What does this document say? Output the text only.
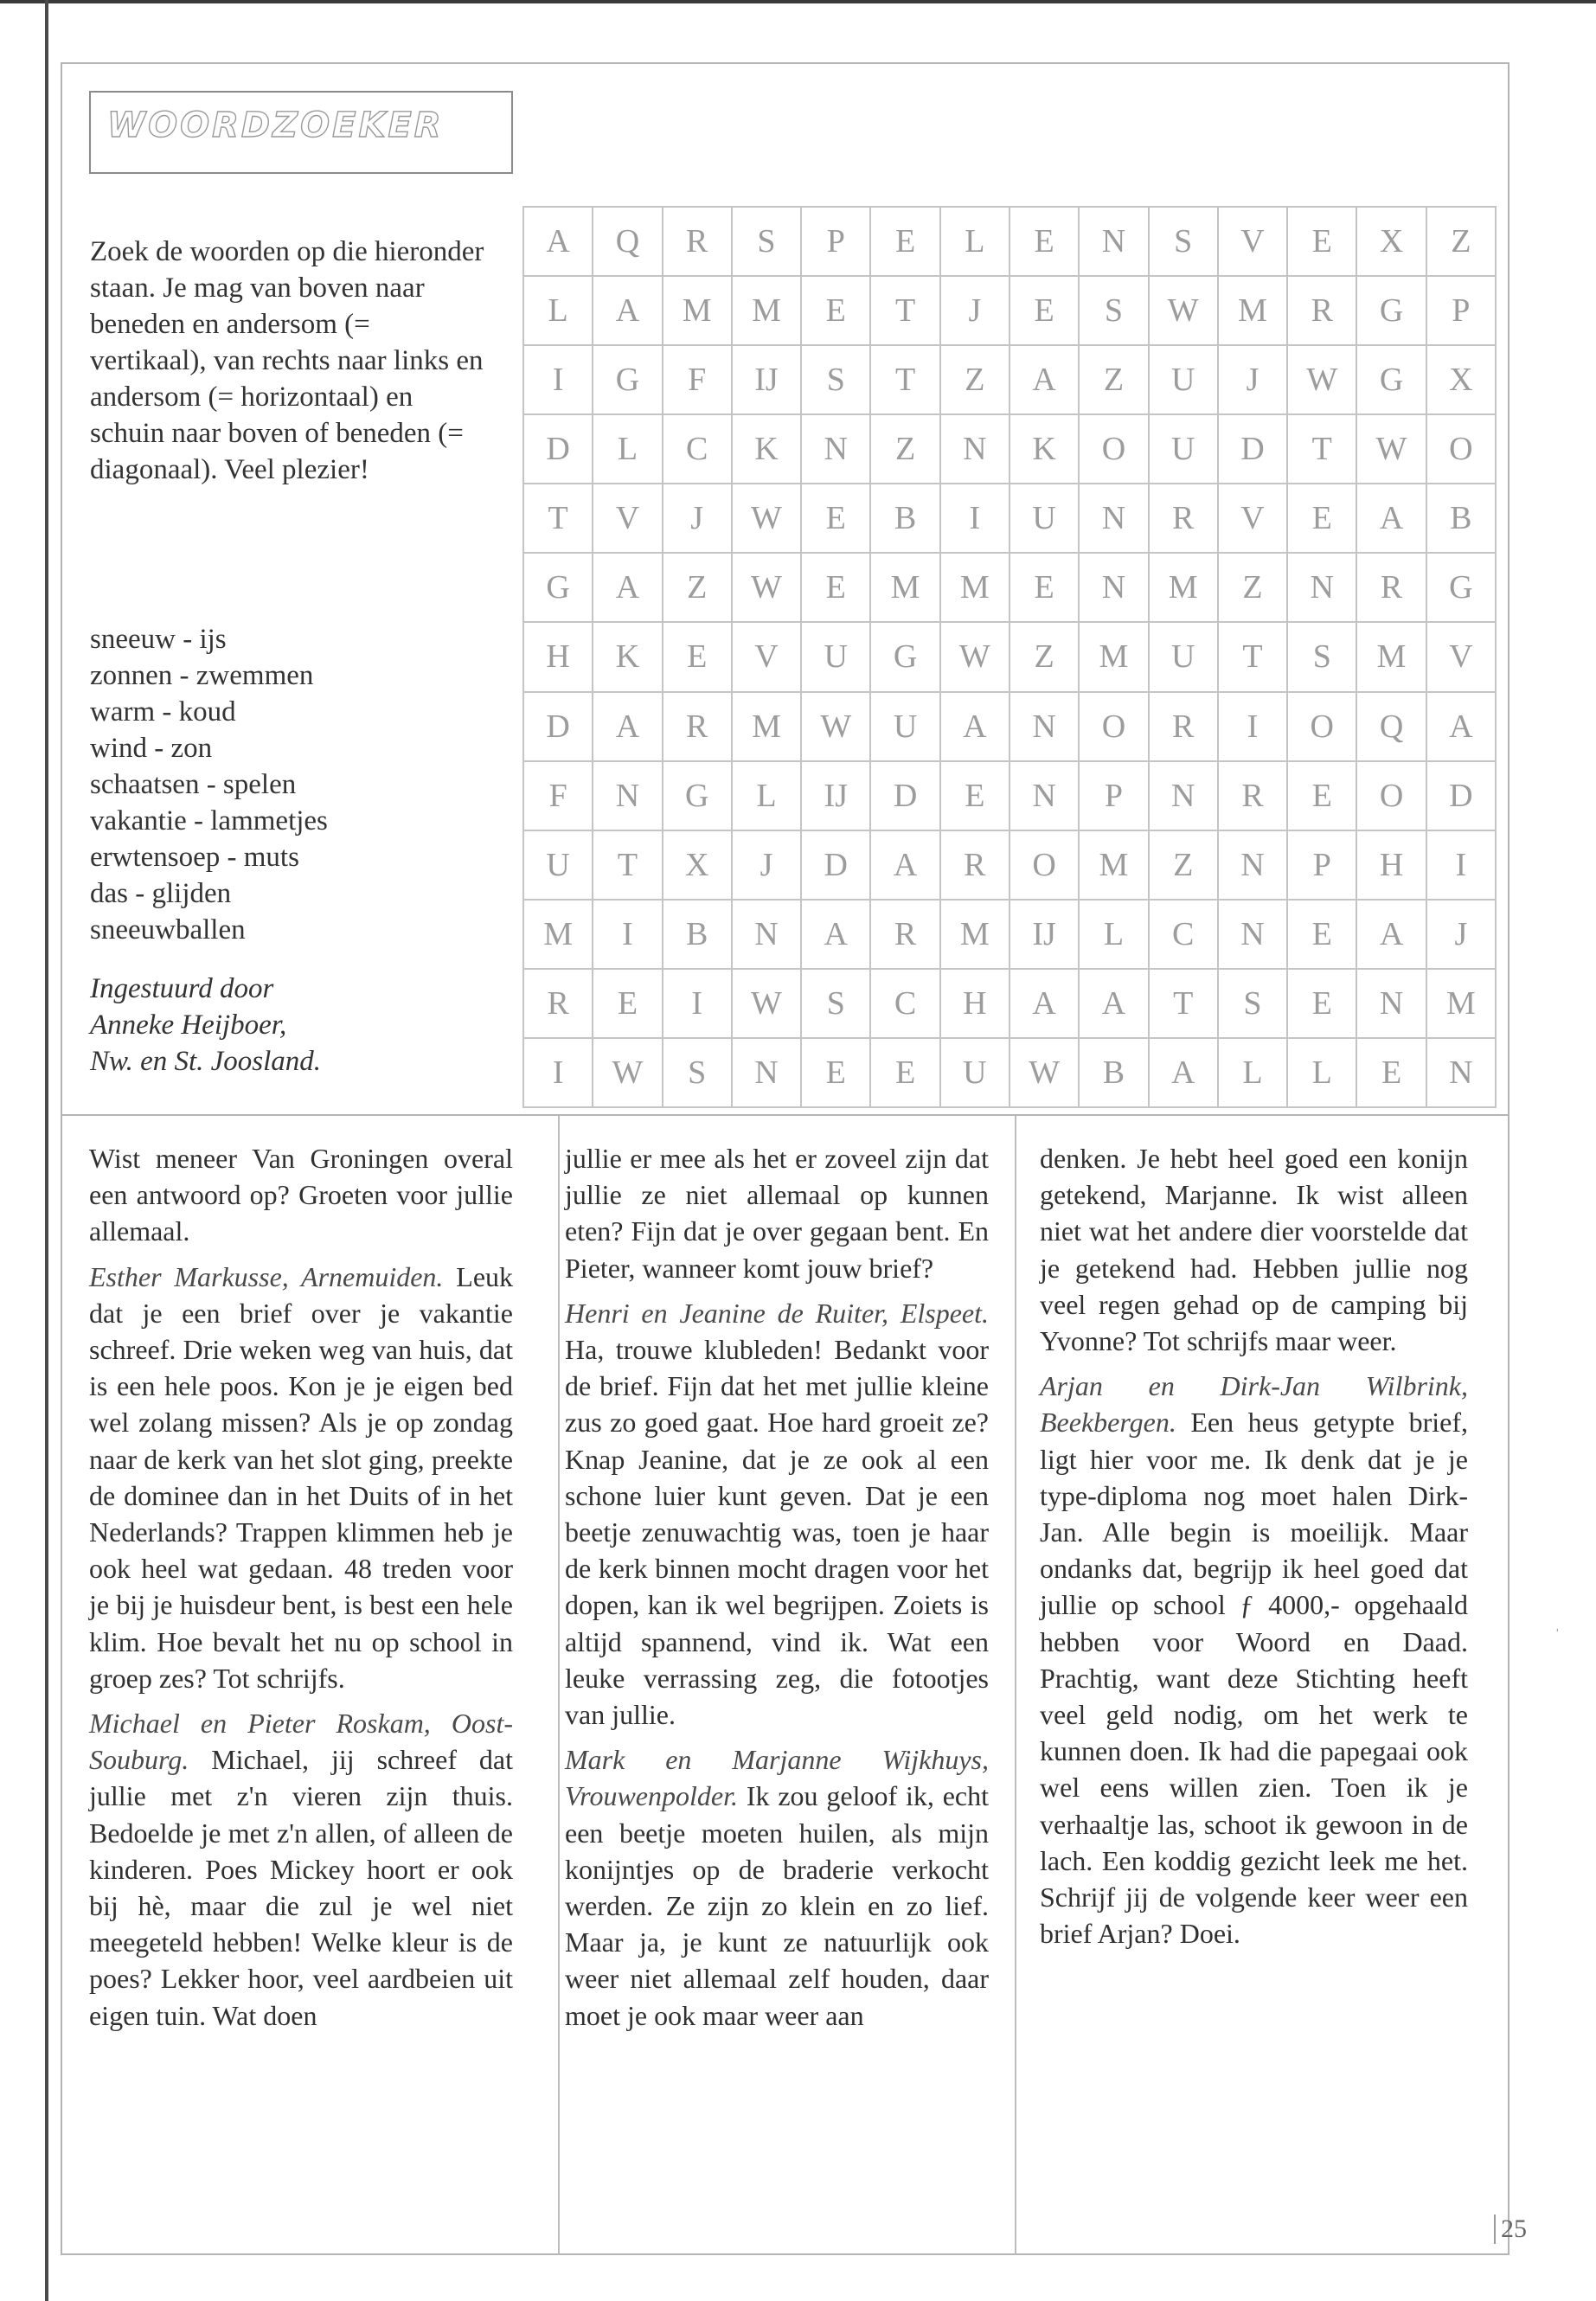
WOORDZOEKER

Zoek de woorden op die hieronder staan. Je mag van boven naar beneden en andersom (= vertikaal), van rechts naar links en andersom (= horizontaal) en schuin naar boven of beneden (= diagonaal). Veel plezier!

sneeuw - ijs
zonnen - zwemmen
warm - koud
wind - zon
schaatsen - spelen
vakantie - lammetjes
erwtensoep - muts
das - glijden
sneeuwballen
Ingestuurd door
Anneke Heijboer,
Nw. en St. Joosland.
A	Q	R	S	P	E	L	E	N	S	V	E	X	Z
L	A	M	M	E	T	J	E	S	W	M	R	G	P
I	G	F	IJ	S	T	Z	A	Z	U	J	W	G	X
D	L	C	K	N	Z	N	K	O	U	D	T	W	O
T	V	J	W	E	B	I	U	N	R	V	E	A	B
G	A	Z	W	E	M	M	E	N	M	Z	N	R	G
H	K	E	V	U	G	W	Z	M	U	T	S	M	V
D	A	R	M	W	U	A	N	O	R	I	O	Q	A
F	N	G	L	IJ	D	E	N	P	N	R	E	O	D
U	T	X	J	D	A	R	O	M	Z	N	P	H	I
M	I	B	N	A	R	M	IJ	L	C	N	E	A	J
R	E	I	W	S	C	H	A	A	T	S	E	N	M
I	W	S	N	E	E	U	W	B	A	L	L	E	N

Wist meneer Van Groningen overal een antwoord op? Groeten voor jullie allemaal.

Esther Markusse, Arnemuiden. Leuk dat je een brief over je vakantie schreef. Drie weken weg van huis, dat is een hele poos. Kon je je eigen bed wel zolang missen? Als je op zondag naar de kerk van het slot ging, preekte de dominee dan in het Duits of in het Nederlands? Trappen klimmen heb je ook heel wat gedaan. 48 treden voor je bij je huisdeur bent, is best een hele klim. Hoe bevalt het nu op school in groep zes? Tot schrijfs.

Michael en Pieter Roskam, Oost-Souburg. Michael, jij schreef dat jullie met z'n vieren zijn thuis. Bedoelde je met z'n allen, of alleen de kinderen. Poes Mickey hoort er ook bij hè, maar die zul je wel niet meegeteld hebben! Welke kleur is de poes? Lekker hoor, veel aardbeien uit eigen tuin. Wat doen

jullie er mee als het er zoveel zijn dat jullie ze niet allemaal op kunnen eten? Fijn dat je over gegaan bent. En Pieter, wanneer komt jouw brief?

Henri en Jeanine de Ruiter, Elspeet. Ha, trouwe klubleden! Bedankt voor de brief. Fijn dat het met jullie kleine zus zo goed gaat. Hoe hard groeit ze? Knap Jeanine, dat je ze ook al een schone luier kunt geven. Dat je een beetje zenuwachtig was, toen je haar de kerk binnen mocht dragen voor het dopen, kan ik wel begrijpen. Zoiets is altijd spannend, vind ik. Wat een leuke verrassing zeg, die fotootjes van jullie.

Mark en Marjanne Wijkhuys, Vrouwenpolder. Ik zou geloof ik, echt een beetje moeten huilen, als mijn konijntjes op de braderie verkocht werden. Ze zijn zo klein en zo lief. Maar ja, je kunt ze natuurlijk ook weer niet allemaal zelf houden, daar moet je ook maar weer aan

denken. Je hebt heel goed een konijn getekend, Marjanne. Ik wist alleen niet wat het andere dier voorstelde dat je getekend had. Hebben jullie nog veel regen gehad op de camping bij Yvonne? Tot schrijfs maar weer.

Arjan en Dirk-Jan Wilbrink, Beekbergen. Een heus getypte brief, ligt hier voor me. Ik denk dat je je type-diploma nog moet halen Dirk-Jan. Alle begin is moeilijk. Maar ondanks dat, begrijp ik heel goed dat jullie op school ƒ 4000,- opgehaald hebben voor Woord en Daad. Prachtig, want deze Stichting heeft veel geld nodig, om het werk te kunnen doen. Ik had die papegaai ook wel eens willen zien. Toen ik je verhaaltje las, schoot ik gewoon in de lach. Een koddig gezicht leek me het. Schrijf jij de volgende keer weer een brief Arjan? Doei.

25
ˈ
